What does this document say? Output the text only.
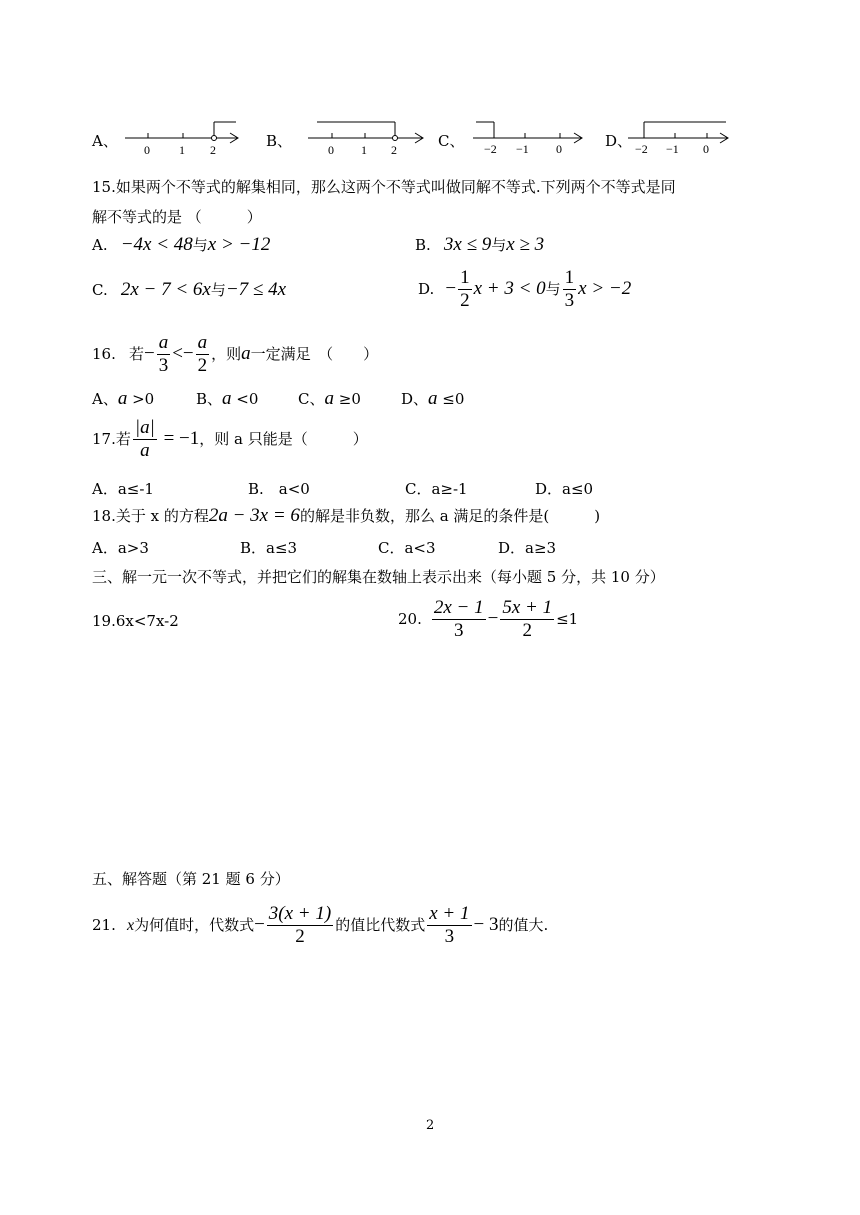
A、 0 1 2	B、	0 1 2	C、 −2 −1 0	D、 −2 −1 0
15.如果两个不等式的解集相同，那么这两个不等式叫做同解不等式.下列两个不等式是同
解不等式的是 （　　　）
A. −4x < 48与x > −12	B. 3x ≤ 9与x ≥ 3
C. 2x − 7 < 6x与−7 ≤ 4x	D. − $\frac{1}{2}$ x + 3 < 0与 $\frac{1}{3}$ x > −2
16. 若− $\frac{a}{3} <- \frac{a}{2}$ ，则a一定满足　（　　）
A、a >0	B、a <0	C、a ≥0	D、a ≤0
17.若 $\frac{|a|}{a} = -1$，则 a 只能是（　　　）
A．a≤-1	B.　a<0	C．a≥-1	D．a≤0
18.关于 x 的方程2a − 3x = 6的解是非负数，那么 a 满足的条件是(　　　)
A．a>3	B．a≤3	C．a<3	D．a≥3
三、解一元一次不等式，并把它们的解集在数轴上表示出来（每小题 5 分，共 10 分）
19.6x<7x-2	20. $\frac{2x - 1}{3} - \frac{5x + 1}{2} \le 1$
五、解答题（第 21 题 6 分）
21. x为何值时，代数式− $\frac{3(x + 1)}{2}$ 的值比代数式 $\frac{x + 1}{3} - 3$的值大.
2
